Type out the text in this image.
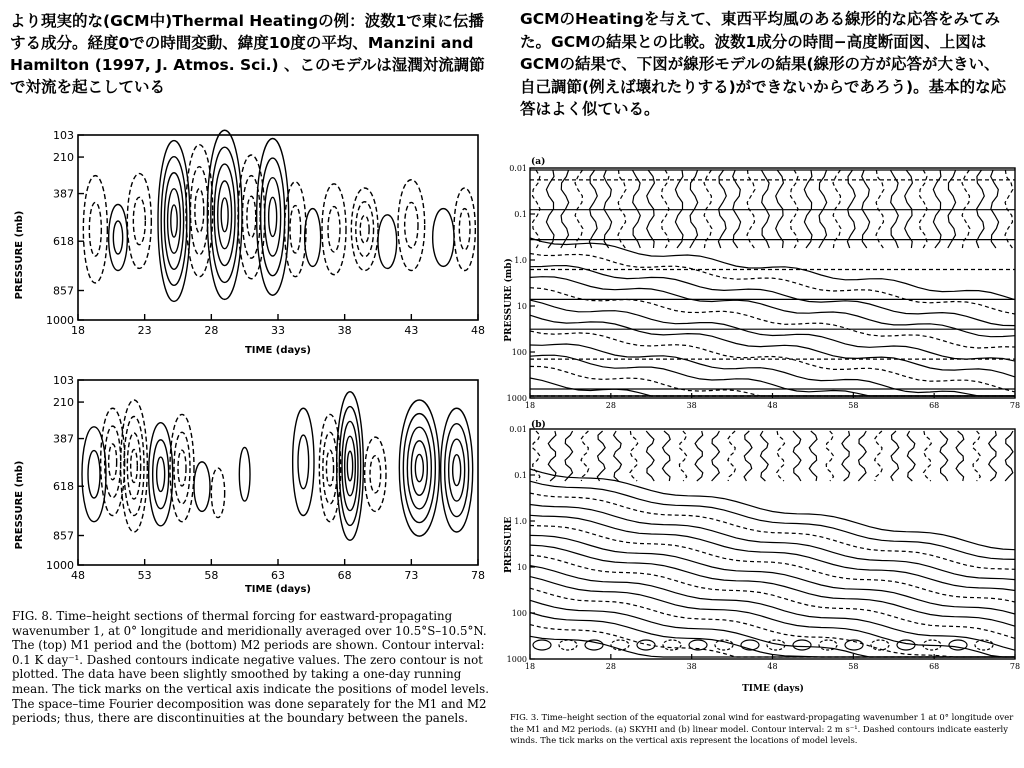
より現実的な(GCM中)Thermal Heatingの例：波数1で東に伝播する成分。経度0での時間変動、緯度10度の平均、Manzini and Hamilton (1997, J. Atmos. Sci.) 、このモデルは湿潤対流調節で対流を起こしている
GCMのHeatingを与えて、東西平均風のある線形的な応答をみてみた。GCMの結果との比較。波数1成分の時間−高度断面図、上図はGCMの結果で、下図が線形モデルの結果(線形の方が応答が大きい、自己調節(例えば壊れたりする)ができないからであろう)。基本的な応答はよく似ている。
PRESSURE (mb)
103
210
387
618
857
1000
18	23	28	33	38	43	48
TIME (days)
PRESSURE (mb)
103
210
387
618
857
1000
48	53	58	63	68	73	78
TIME (days)
FIG. 8. Time–height sections of thermal forcing for eastward-propagating wavenumber 1, at 0° longitude and meridionally averaged over 10.5°S–10.5°N. The (top) M1 period and the (bottom) M2 periods are shown. Contour interval: 0.1 K day⁻¹. Dashed contours indicate negative values. The zero contour is not plotted. The data have been slightly smoothed by taking a one-day running mean. The tick marks on the vertical axis indicate the positions of model levels. The space–time Fourier decomposition was done separately for the M1 and M2 periods; thus, there are discontinuities at the boundary between the panels.
(a)
PRESSURE (mb)
0.01
0.1
1.0
10
100
1000
18	28	38	48	58	68	78
(b)
PRESSURE
0.01
0.1
1.0
10
100
1000
18	28	38	48	58	68	78
TIME (days)
FIG. 3. Time–height section of the equatorial zonal wind for eastward-propagating wavenumber 1 at 0° longitude over the M1 and M2 periods. (a) SKYHI and (b) linear model. Contour interval: 2 m s⁻¹. Dashed contours indicate easterly winds. The tick marks on the vertical axis represent the locations of model levels.
